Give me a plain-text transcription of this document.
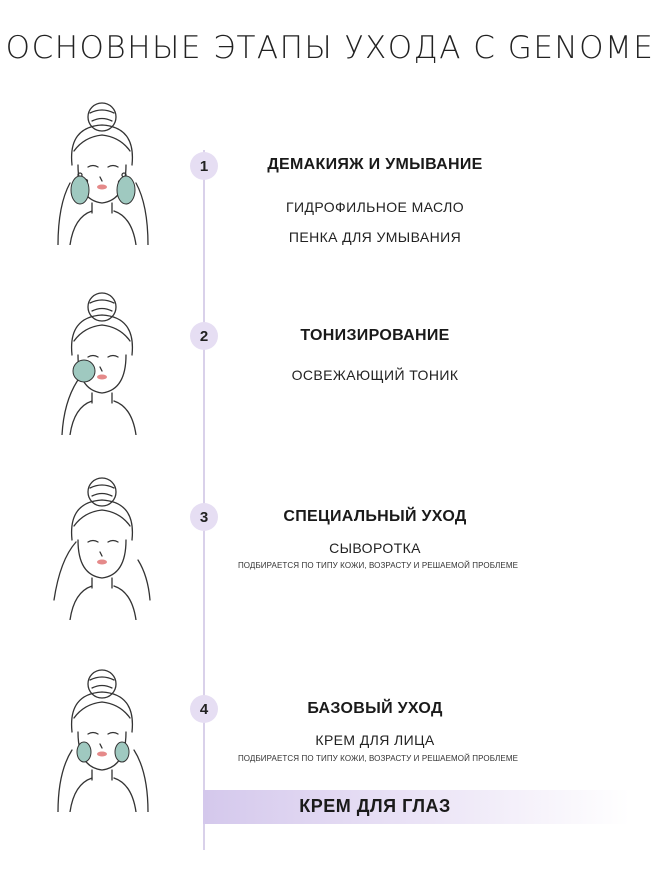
ОСНОВНЫЕ ЭТАПЫ УХОДА С GENOME
1	ДЕМАКИЯЖ И УМЫВАНИЕ
ГИДРОФИЛЬНОЕ МАСЛО
ПЕНКА ДЛЯ УМЫВАНИЯ
2	ТОНИЗИРОВАНИЕ
ОСВЕЖАЮЩИЙ ТОНИК
3	СПЕЦИАЛЬНЫЙ УХОД
СЫВОРОТКА
ПОДБИРАЕТСЯ ПО ТИПУ КОЖИ, ВОЗРАСТУ И РЕШАЕМОЙ ПРОБЛЕМЕ
4	БАЗОВЫЙ УХОД
КРЕМ ДЛЯ ЛИЦА
ПОДБИРАЕТСЯ ПО ТИПУ КОЖИ, ВОЗРАСТУ И РЕШАЕМОЙ ПРОБЛЕМЕ
КРЕМ ДЛЯ ГЛАЗ
